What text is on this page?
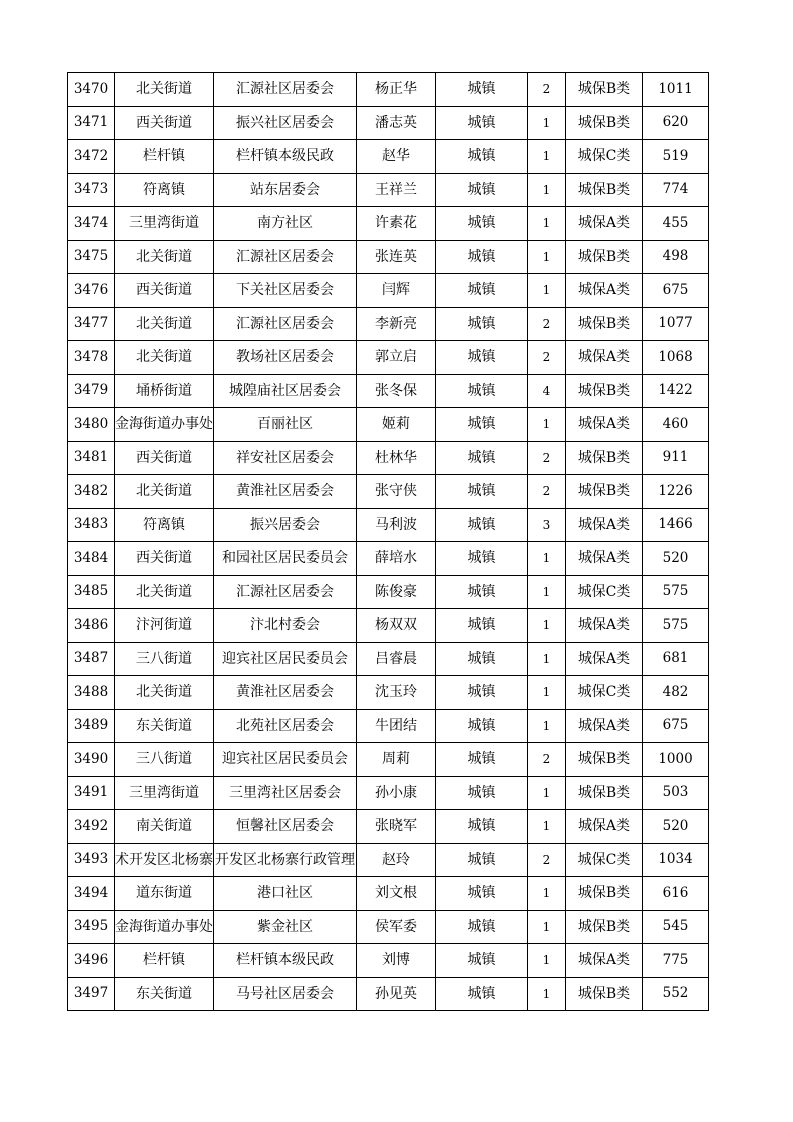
3470	北关街道	汇源社区居委会	杨正华	城镇	2	城保B类	1011
3471	西关街道	振兴社区居委会	潘志英	城镇	1	城保B类	620
3472	栏杆镇	栏杆镇本级民政	赵华	城镇	1	城保C类	519
3473	符离镇	站东居委会	王祥兰	城镇	1	城保B类	774
3474	三里湾街道	南方社区	许素花	城镇	1	城保A类	455
3475	北关街道	汇源社区居委会	张连英	城镇	1	城保B类	498
3476	西关街道	下关社区居委会	闫辉	城镇	1	城保A类	675
3477	北关街道	汇源社区居委会	李新亮	城镇	2	城保B类	1077
3478	北关街道	教场社区居委会	郭立启	城镇	2	城保A类	1068
3479	埇桥街道	城隍庙社区居委会	张冬保	城镇	4	城保B类	1422
3480	金海街道办事处	百丽社区	姬莉	城镇	1	城保A类	460
3481	西关街道	祥安社区居委会	杜林华	城镇	2	城保B类	911
3482	北关街道	黄淮社区居委会	张守侠	城镇	2	城保B类	1226
3483	符离镇	振兴居委会	马利波	城镇	3	城保A类	1466
3484	西关街道	和园社区居民委员会	薛培水	城镇	1	城保A类	520
3485	北关街道	汇源社区居委会	陈俊豪	城镇	1	城保C类	575
3486	汴河街道	汴北村委会	杨双双	城镇	1	城保A类	575
3487	三八街道	迎宾社区居民委员会	吕睿晨	城镇	1	城保A类	681
3488	北关街道	黄淮社区居委会	沈玉玲	城镇	1	城保C类	482
3489	东关街道	北苑社区居委会	牛团结	城镇	1	城保A类	675
3490	三八街道	迎宾社区居民委员会	周莉	城镇	2	城保B类	1000
3491	三里湾街道	三里湾社区居委会	孙小康	城镇	1	城保B类	503
3492	南关街道	恒馨社区居委会	张晓军	城镇	1	城保A类	520
3493	术开发区北杨寨	开发区北杨寨行政管理	赵玲	城镇	2	城保C类	1034
3494	道东街道	港口社区	刘文根	城镇	1	城保B类	616
3495	金海街道办事处	紫金社区	侯军委	城镇	1	城保B类	545
3496	栏杆镇	栏杆镇本级民政	刘博	城镇	1	城保A类	775
3497	东关街道	马号社区居委会	孙见英	城镇	1	城保B类	552
